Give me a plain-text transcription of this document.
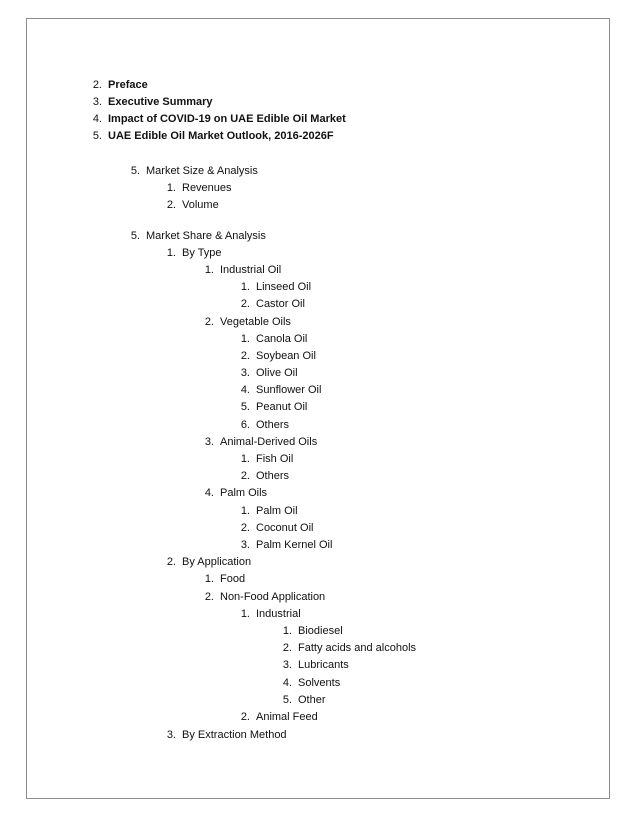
2. Preface
3. Executive Summary
4. Impact of COVID-19 on UAE Edible Oil Market
5. UAE Edible Oil Market Outlook, 2016-2026F
5. Market Size & Analysis
1. Revenues
2. Volume
5. Market Share & Analysis
1. By Type
1. Industrial Oil
1. Linseed Oil
2. Castor Oil
2. Vegetable Oils
1. Canola Oil
2. Soybean Oil
3. Olive Oil
4. Sunflower Oil
5. Peanut Oil
6. Others
3. Animal-Derived Oils
1. Fish Oil
2. Others
4. Palm Oils
1. Palm Oil
2. Coconut Oil
3. Palm Kernel Oil
2. By Application
1. Food
2. Non-Food Application
1. Industrial
1. Biodiesel
2. Fatty acids and alcohols
3. Lubricants
4. Solvents
5. Other
2. Animal Feed
3. By Extraction Method
